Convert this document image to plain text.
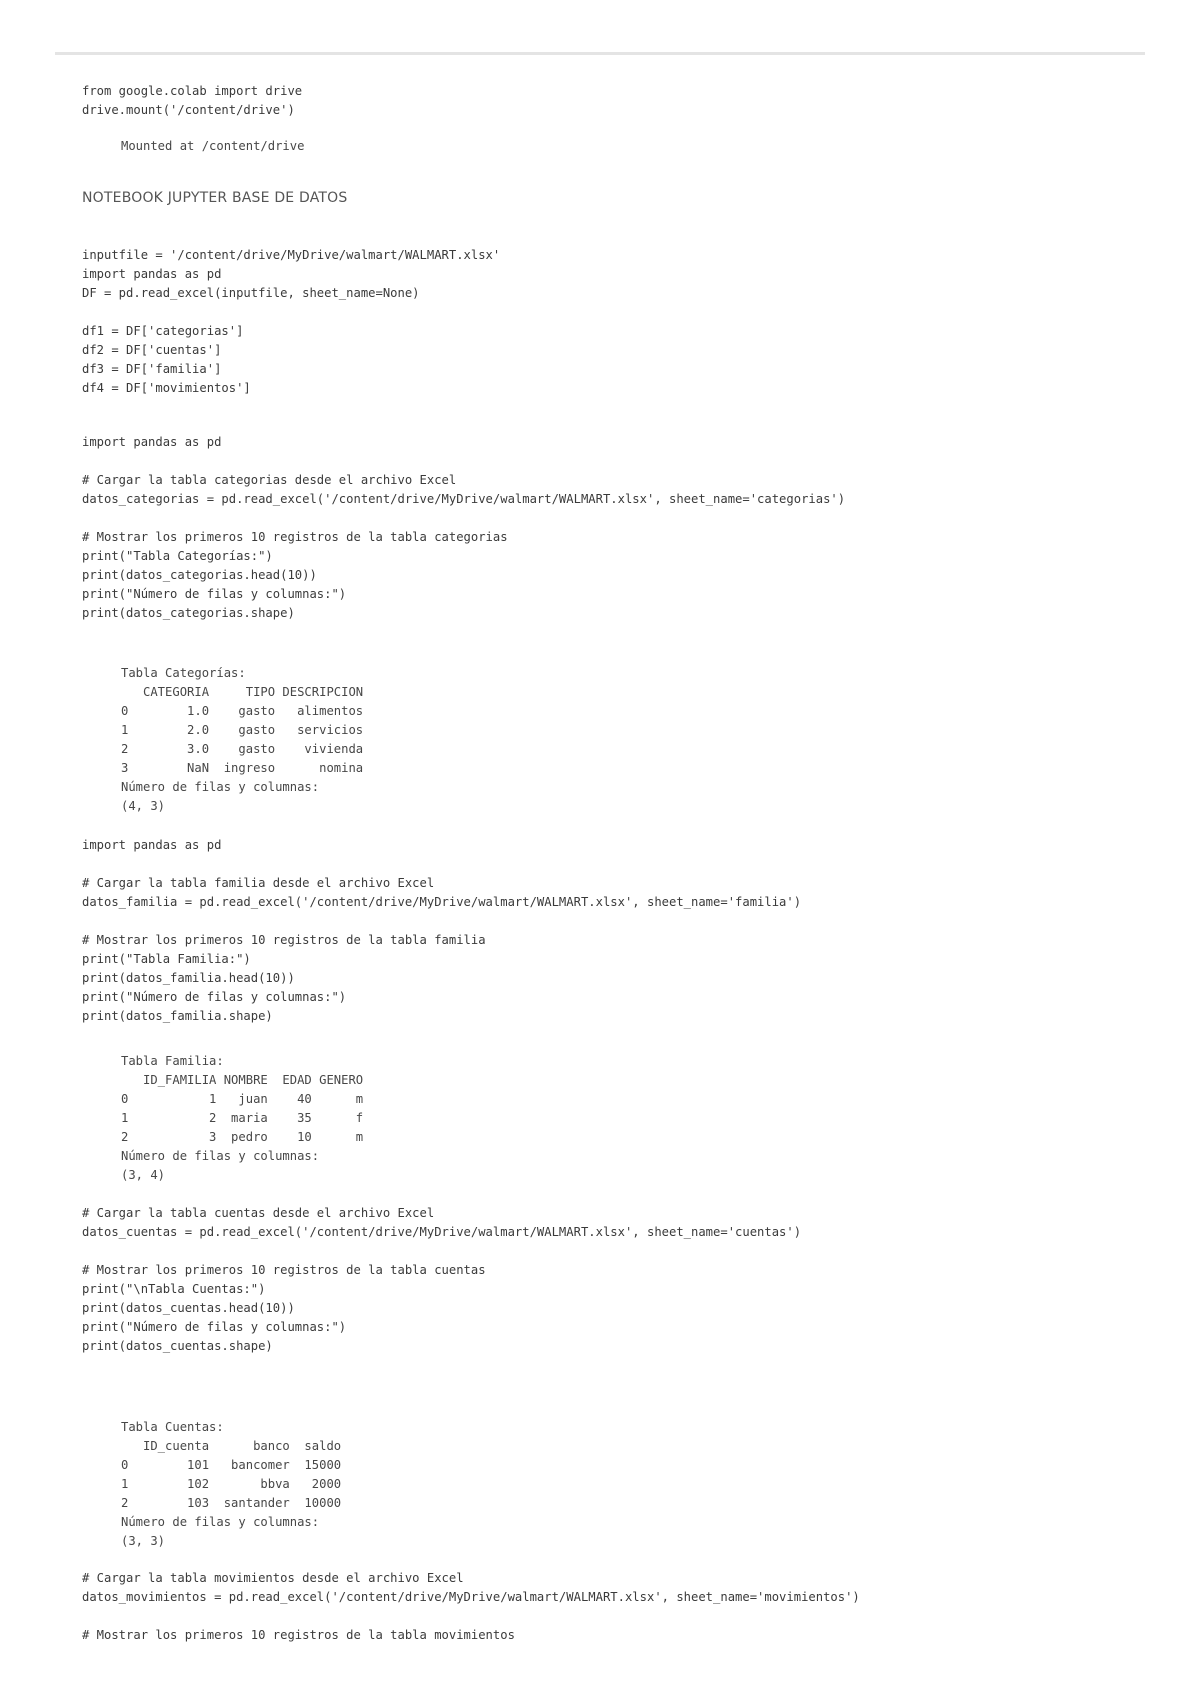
from google.colab import drive
drive.mount('/content/drive')
Mounted at /content/drive
NOTEBOOK JUPYTER BASE DE DATOS
inputfile = '/content/drive/MyDrive/walmart/WALMART.xlsx'
import pandas as pd
DF = pd.read_excel(inputfile, sheet_name=None)

df1 = DF['categorias']
df2 = DF['cuentas']
df3 = DF['familia']
df4 = DF['movimientos']
import pandas as pd

# Cargar la tabla categorias desde el archivo Excel
datos_categorias = pd.read_excel('/content/drive/MyDrive/walmart/WALMART.xlsx', sheet_name='categorias')

# Mostrar los primeros 10 registros de la tabla categorias
print("Tabla Categorías:")
print(datos_categorias.head(10))
print("Número de filas y columnas:")
print(datos_categorias.shape)
Tabla Categorías:
CATEGORIA     TIPO DESCRIPCION
0        1.0    gasto   alimentos
1        2.0    gasto   servicios
2        3.0    gasto    vivienda
3        NaN  ingreso      nomina
Número de filas y columnas:
(4, 3)
import pandas as pd

# Cargar la tabla familia desde el archivo Excel
datos_familia = pd.read_excel('/content/drive/MyDrive/walmart/WALMART.xlsx', sheet_name='familia')

# Mostrar los primeros 10 registros de la tabla familia
print("Tabla Familia:")
print(datos_familia.head(10))
print("Número de filas y columnas:")
print(datos_familia.shape)
Tabla Familia:
ID_FAMILIA NOMBRE  EDAD GENERO
0           1   juan    40      m
1           2  maria    35      f
2           3  pedro    10      m
Número de filas y columnas:
(3, 4)
# Cargar la tabla cuentas desde el archivo Excel
datos_cuentas = pd.read_excel('/content/drive/MyDrive/walmart/WALMART.xlsx', sheet_name='cuentas')

# Mostrar los primeros 10 registros de la tabla cuentas
print("\nTabla Cuentas:")
print(datos_cuentas.head(10))
print("Número de filas y columnas:")
print(datos_cuentas.shape)
Tabla Cuentas:
ID_cuenta      banco  saldo
0        101   bancomer  15000
1        102       bbva   2000
2        103  santander  10000
Número de filas y columnas:
(3, 3)
# Cargar la tabla movimientos desde el archivo Excel
datos_movimientos = pd.read_excel('/content/drive/MyDrive/walmart/WALMART.xlsx', sheet_name='movimientos')

# Mostrar los primeros 10 registros de la tabla movimientos
